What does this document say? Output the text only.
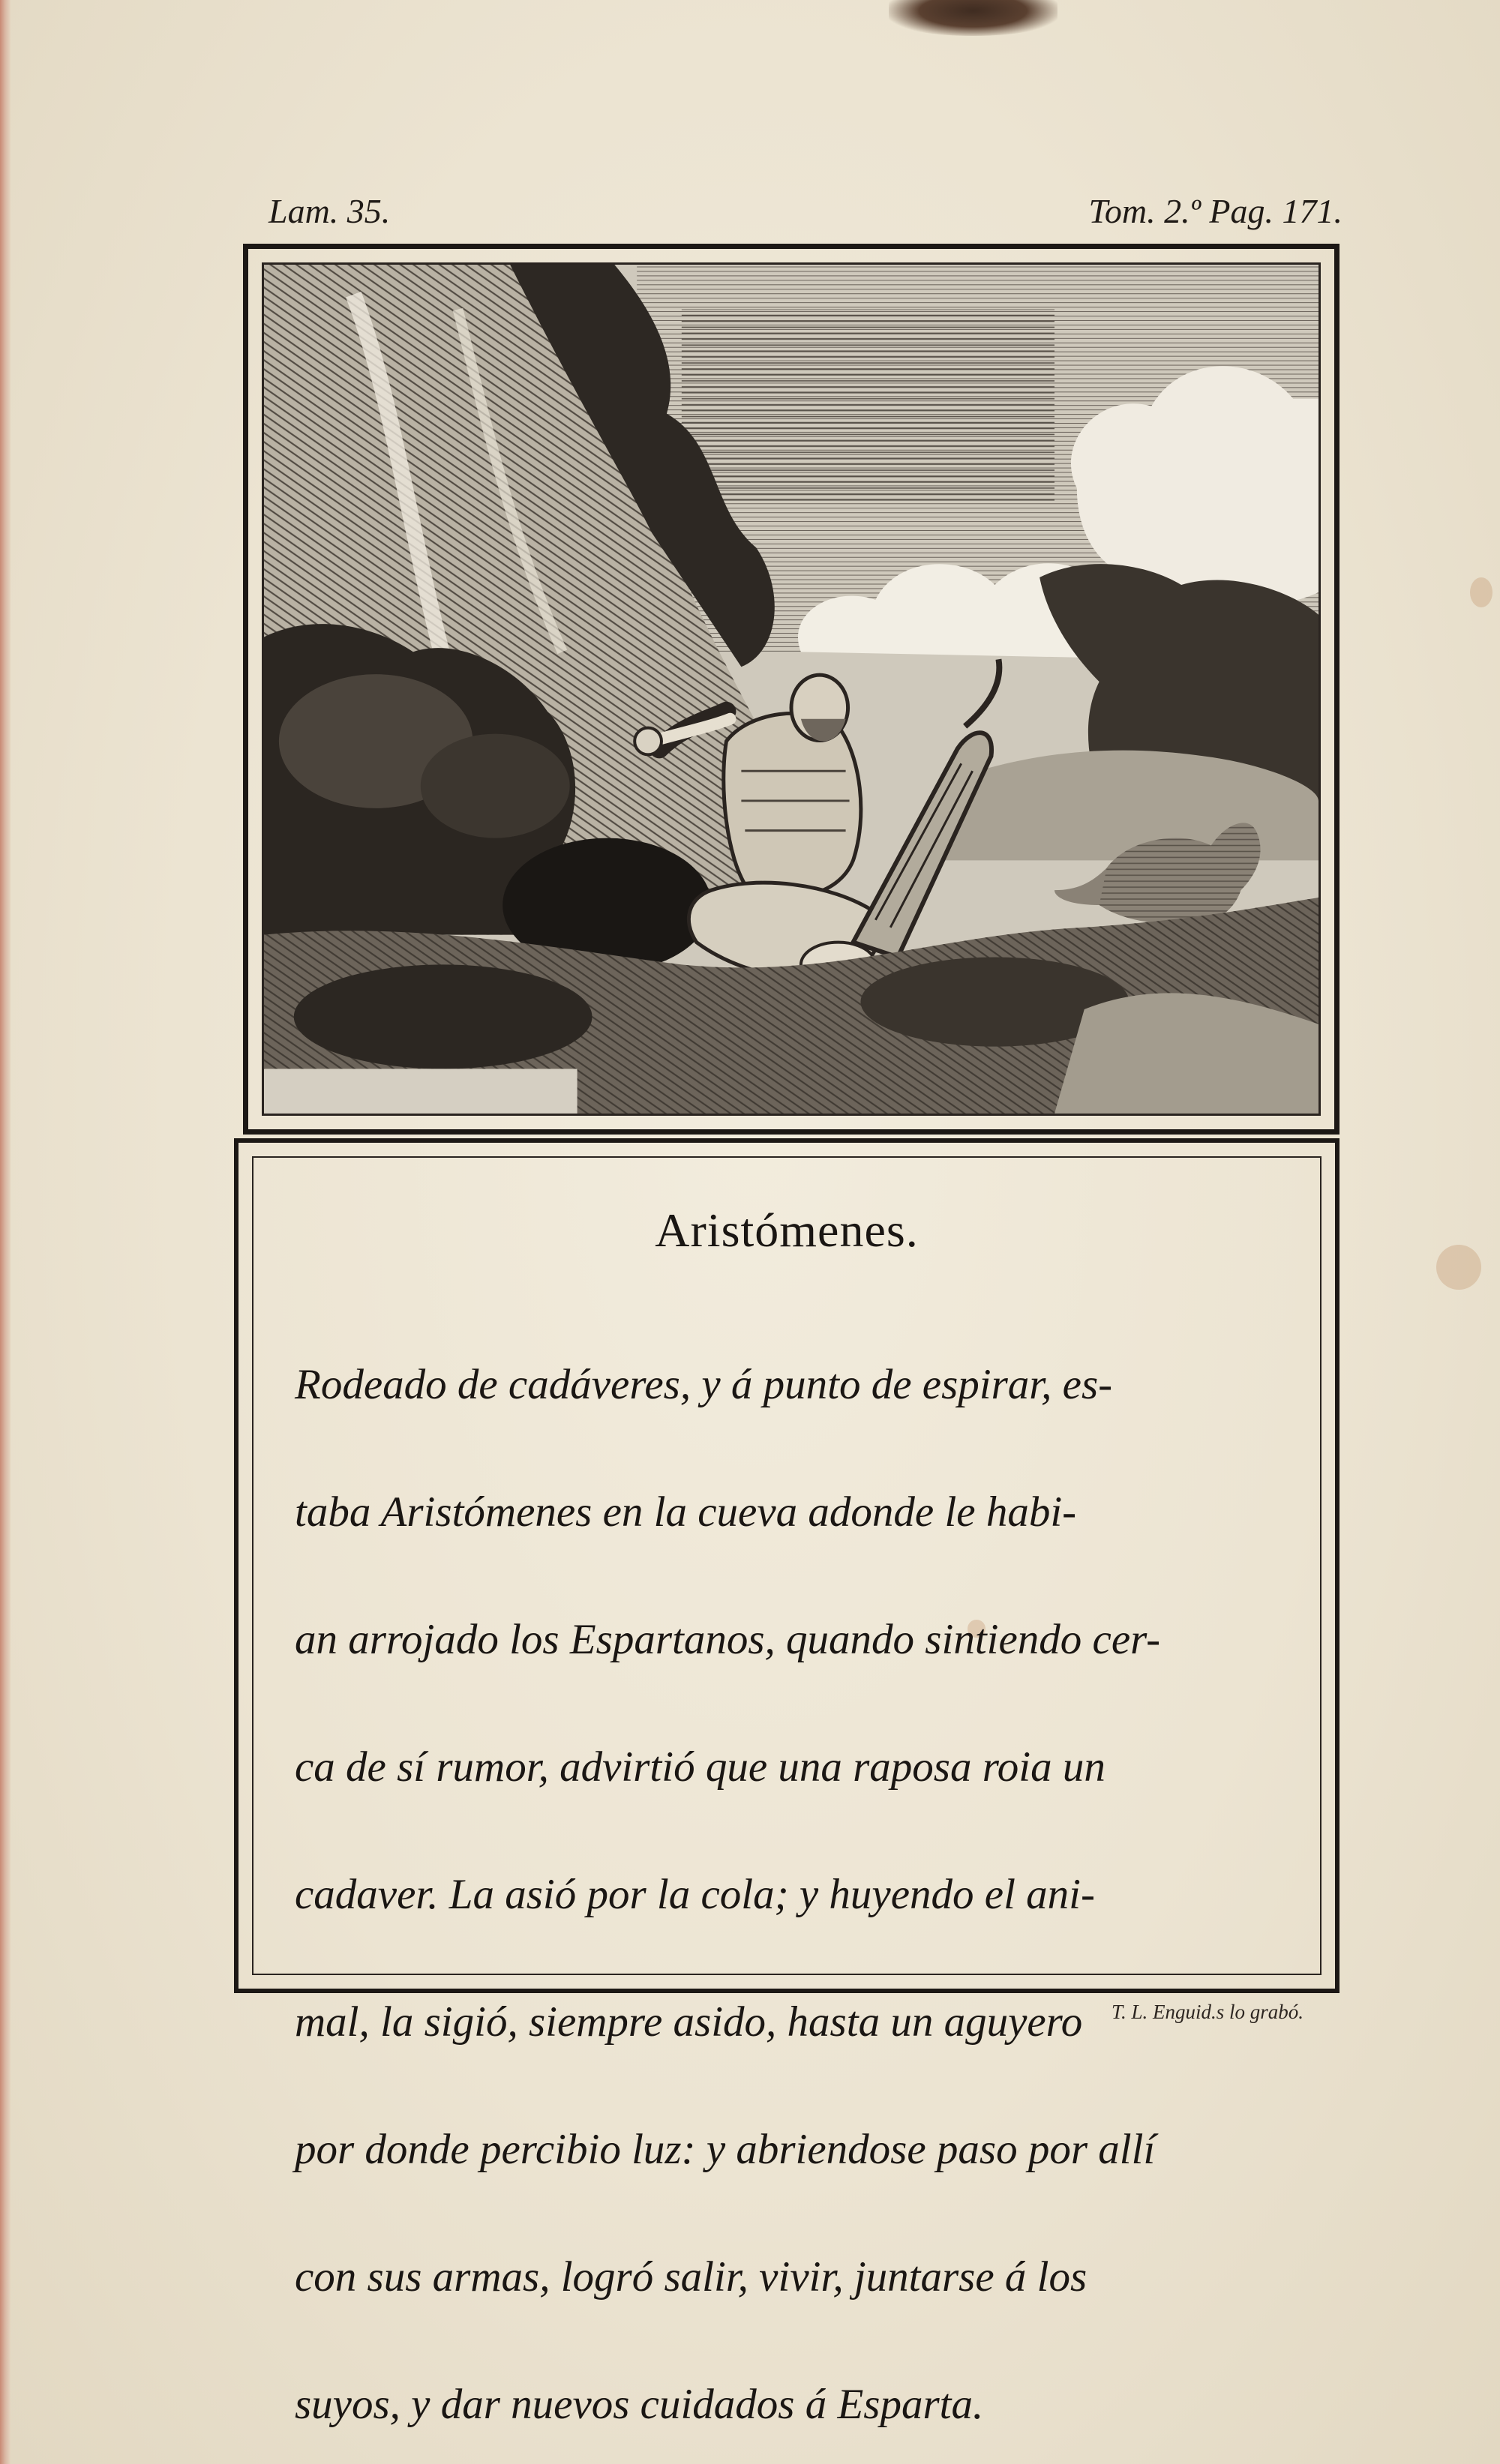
Lam. 35.	Tom. 2.º Pag. 171.
Aristómenes.

Rodeado de cadáveres, y á punto de espirar, es-

taba Aristómenes en la cueva adonde le habi-

an arrojado los Espartanos, quando sintiendo cer-

ca de sí rumor, advirtió que una raposa roia un

cadaver. La asió por la cola; y huyendo el ani-

mal, la sigió, siempre asido, hasta un aguyero

por donde percibio luz: y abriendose paso por allí

con sus armas, logró salir, vivir, juntarse á los

suyos, y dar nuevos cuidados á Esparta.

T. L. Enguid.s lo grabó.
